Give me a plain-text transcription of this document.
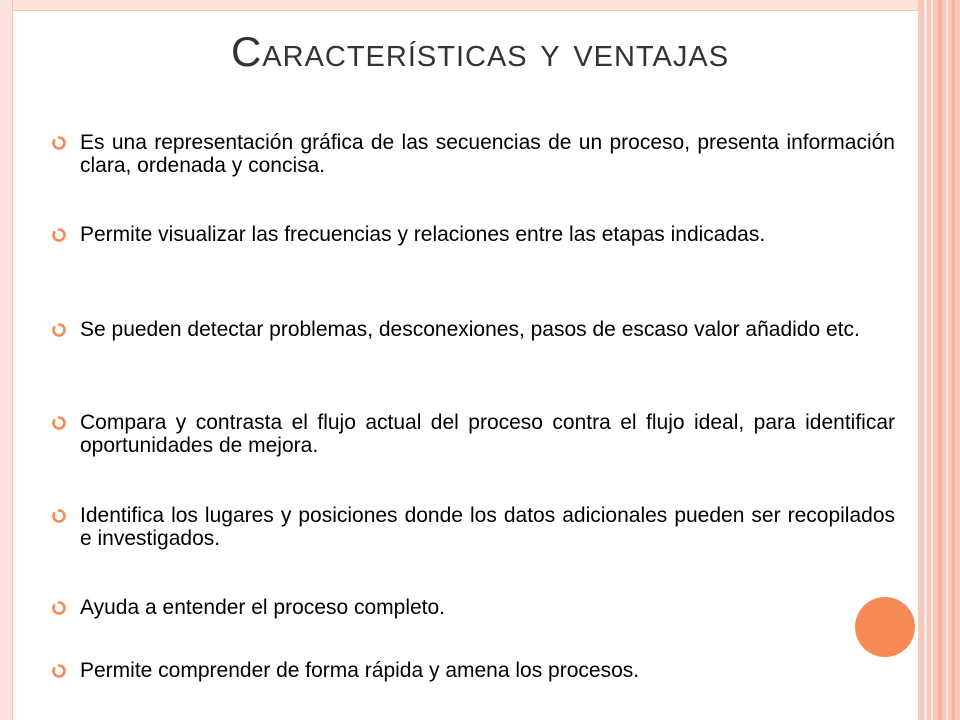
Características y ventajas
Es una representación gráfica de las secuencias de un proceso, presenta información clara, ordenada y concisa.
Permite visualizar las frecuencias y relaciones entre las etapas indicadas.
Se pueden detectar problemas, desconexiones, pasos de escaso valor añadido etc.
Compara y contrasta el flujo actual del proceso contra el flujo ideal, para identificar oportunidades de mejora.
Identifica los lugares y posiciones donde los datos adicionales pueden ser recopilados e investigados.
Ayuda a entender el proceso completo.
Permite comprender de forma rápida y amena los procesos.
